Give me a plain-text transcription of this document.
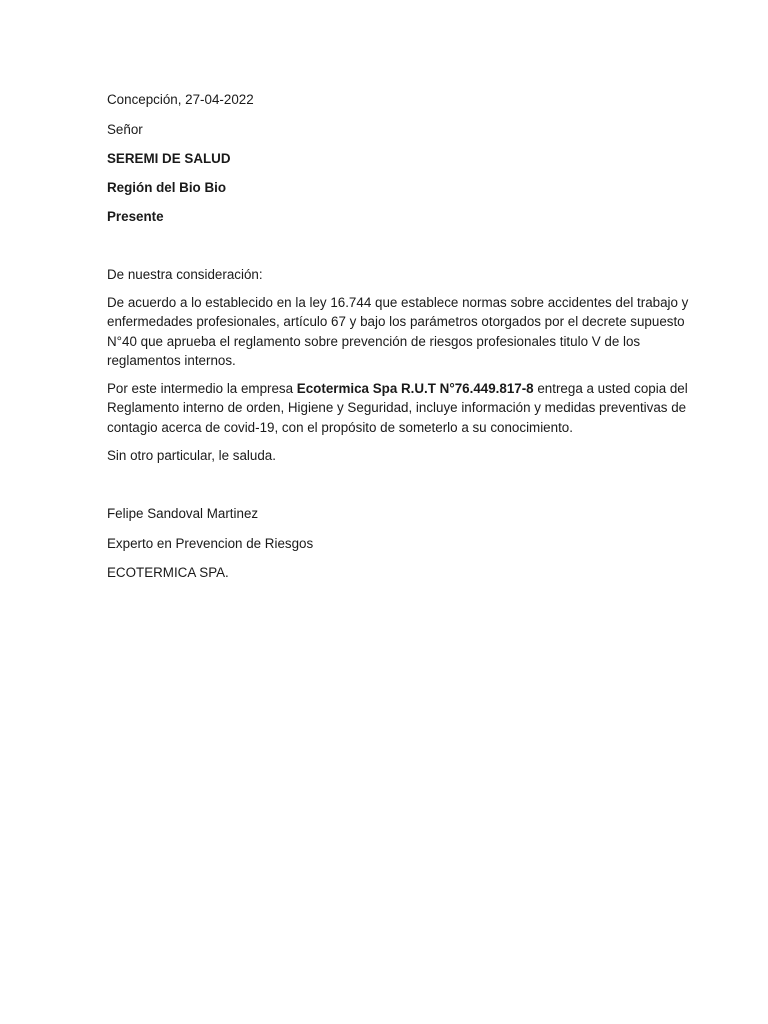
Concepción, 27-04-2022

Señor

SEREMI DE SALUD

Región del Bio Bio

Presente

De nuestra consideración:

De acuerdo a lo establecido en la ley 16.744 que establece normas sobre accidentes del trabajo y
enfermedades profesionales, artículo 67 y bajo los parámetros otorgados por el decrete supuesto
N°40 que aprueba el reglamento sobre prevención de riesgos profesionales titulo V de los
reglamentos internos.
Por este intermedio la empresa Ecotermica Spa R.U.T N°76.449.817-8 entrega a usted copia del
Reglamento interno de orden, Higiene y Seguridad, incluye información y medidas preventivas de
contagio acerca de covid-19, con el propósito de someterlo a su conocimiento.

Sin otro particular, le saluda.

Felipe Sandoval Martinez

Experto en Prevencion de Riesgos

ECOTERMICA SPA.
